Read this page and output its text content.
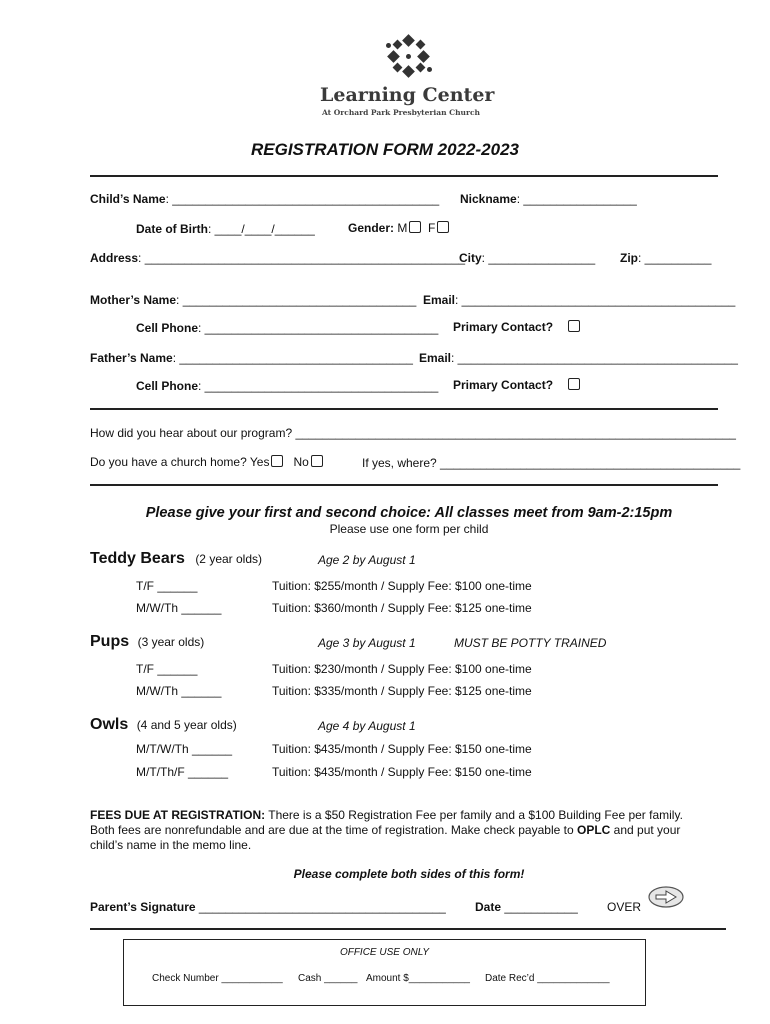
Learning Center
At Orchard Park Presbyterian Church
REGISTRATION FORM 2022-2023
Child’s Name: ________________________________________ Nickname: _________________
Date of Birth: ____/____/______	Gender: M F
Address: ________________________________________________
City: ________________ Zip: __________
Mother’s Name: ___________________________________ Email: _________________________________________
Cell Phone: ___________________________________ Primary Contact?
Father’s Name: ___________________________________ Email: __________________________________________
Cell Phone: ___________________________________ Primary Contact?
How did you hear about our program? __________________________________________________________________
Do you have a church home? Yes No	If yes, where? _____________________________________________
Please give your first and second choice: All classes meet from 9am-2:15pm
Please use one form per child
Teddy Bears (2 year olds)	Age 2 by August 1
T/F ______	Tuition: $255/month / Supply Fee: $100 one-time
M/W/Th ______	Tuition: $360/month / Supply Fee: $125 one-time
Pups (3 year olds)	Age 3 by August 1	MUST BE POTTY TRAINED
T/F ______	Tuition: $230/month / Supply Fee: $100 one-time
M/W/Th ______	Tuition: $335/month / Supply Fee: $125 one-time
Owls (4 and 5 year olds)	Age 4 by August 1
M/T/W/Th ______	Tuition: $435/month / Supply Fee: $150 one-time
M/T/Th/F ______	Tuition: $435/month / Supply Fee: $150 one-time
FEES DUE AT REGISTRATION: There is a $50 Registration Fee per family and a $100 Building Fee per family.
Both fees are nonrefundable and are due at the time of registration. Make check payable to OPLC and put your
child’s name in the memo line.
Please complete both sides of this form!
Parent’s Signature _____________________________________ Date ___________ OVER
OFFICE USE ONLY
Check Number ___________ Cash ______ Amount $___________ Date Rec’d _____________
